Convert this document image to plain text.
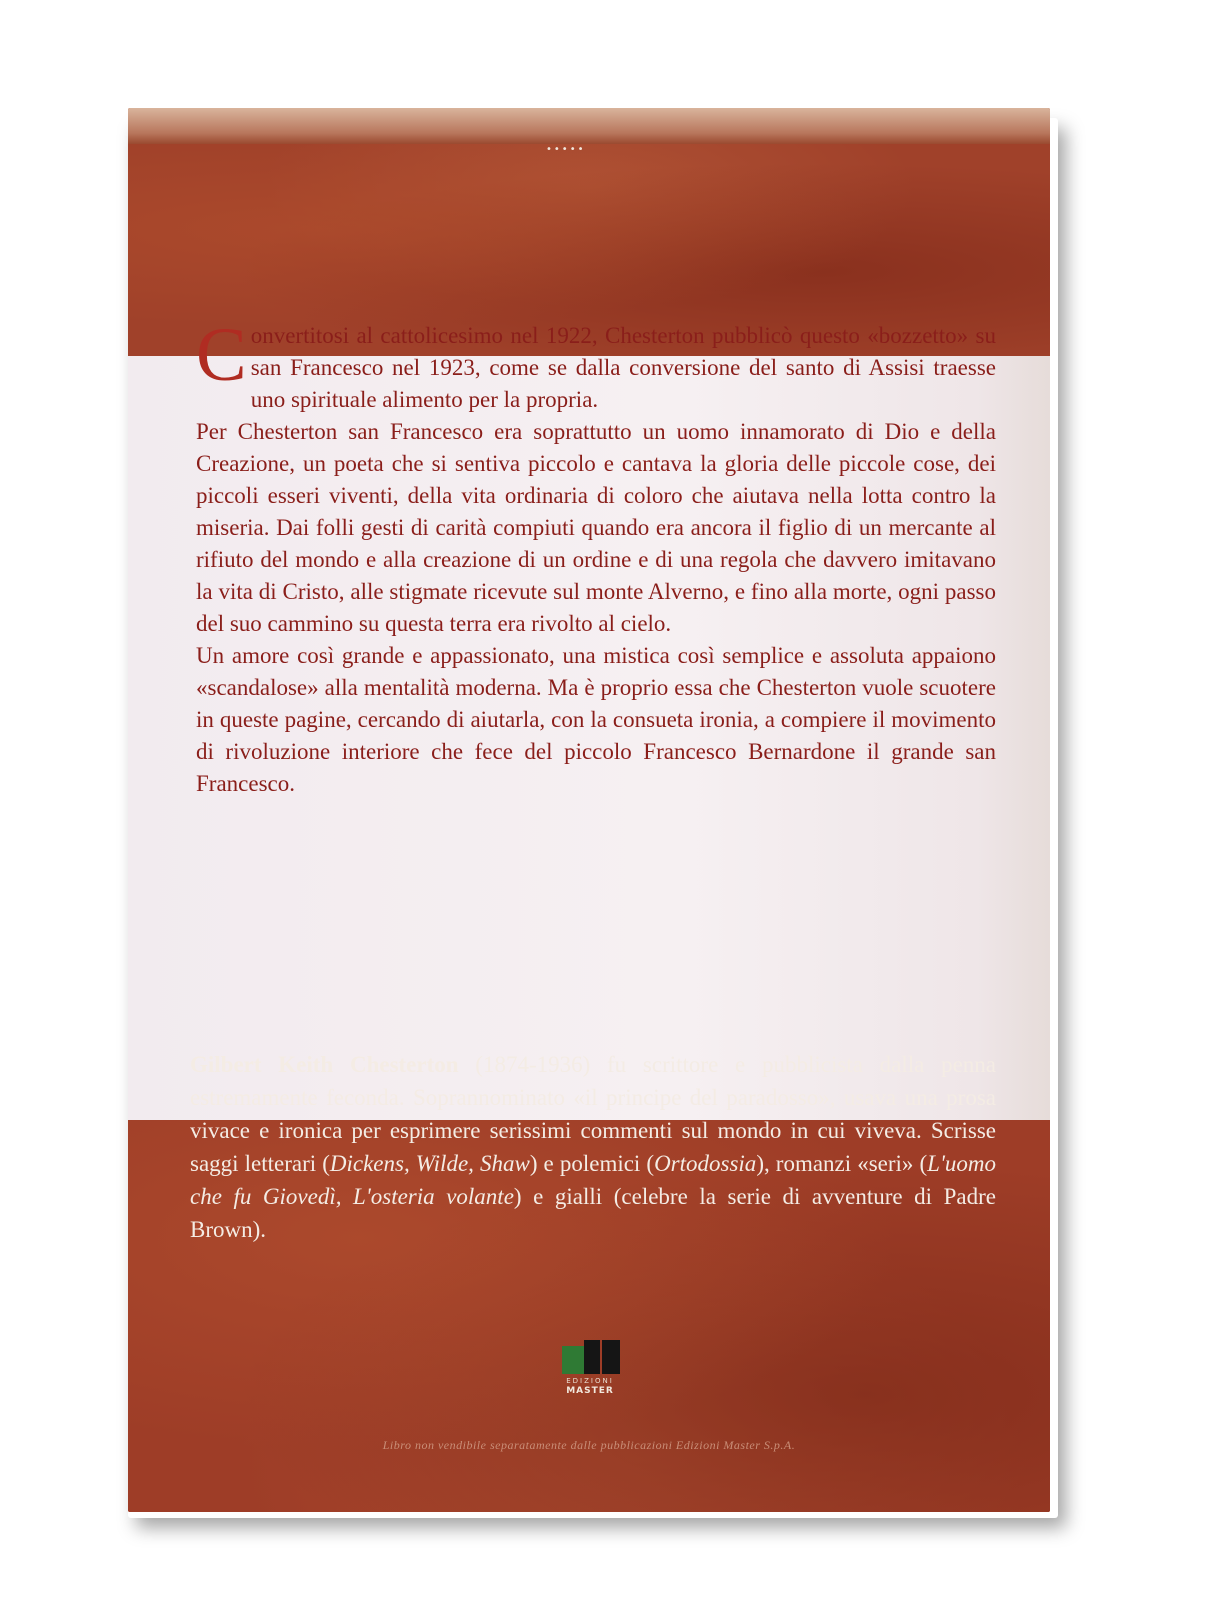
•••••

Convertitosi al cattolicesimo nel 1922, Chesterton pubblicò questo «bozzetto» su san Francesco nel 1923, come se dalla conversione del santo di Assisi traesse uno spirituale alimento per la propria.

Per Chesterton san Francesco era soprattutto un uomo innamorato di Dio e della Creazione, un poeta che si sentiva piccolo e cantava la gloria delle piccole cose, dei piccoli esseri viventi, della vita ordinaria di coloro che aiutava nella lotta contro la miseria. Dai folli gesti di carità compiuti quando era ancora il figlio di un mercante al rifiuto del mondo e alla creazione di un ordine e di una regola che davvero imitavano la vita di Cristo, alle stigmate ricevute sul monte Alverno, e fino alla morte, ogni passo del suo cammino su questa terra era rivolto al cielo.

Un amore così grande e appassionato, una mistica così semplice e assoluta appaiono «scandalose» alla mentalità moderna. Ma è proprio essa che Chesterton vuole scuotere in queste pagine, cercando di aiutarla, con la consueta ironia, a compiere il movimento di rivoluzione interiore che fece del piccolo Francesco Bernardone il grande san Francesco.

Gilbert Keith Chesterton (1874-1936) fu scrittore e pubblicista dalla penna estremamente feconda. Soprannominato «il principe del paradosso», usava una prosa vivace e ironica per esprimere serissimi commenti sul mondo in cui viveva. Scrisse saggi letterari (Dickens, Wilde, Shaw) e polemici (Ortodossia), romanzi «seri» (L'uomo che fu Giovedì, L'osteria volante) e gialli (celebre la serie di avventure di Padre Brown).
EDIZIONI
MASTER
Libro non vendibile separatamente dalle pubblicazioni Edizioni Master S.p.A.
